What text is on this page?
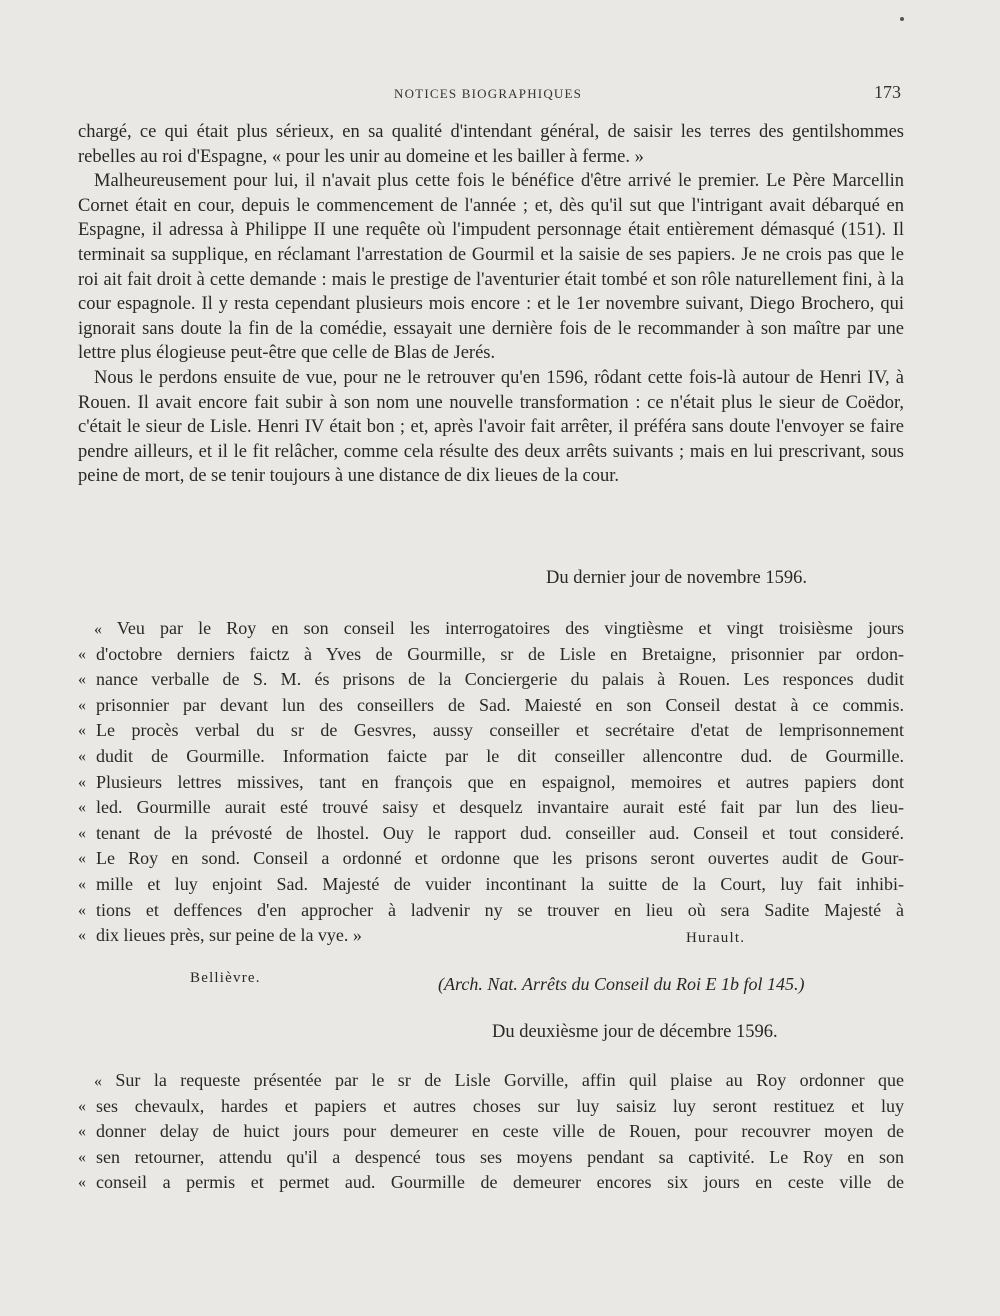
NOTICES BIOGRAPHIQUES	173

chargé, ce qui était plus sérieux, en sa qualité d'intendant général, de saisir les terres des gentilshommes rebelles au roi d'Espagne, « pour les unir au domeine et les bailler à ferme. »

Malheureusement pour lui, il n'avait plus cette fois le bénéfice d'être arrivé le premier. Le Père Marcellin Cornet était en cour, depuis le commencement de l'année ; et, dès qu'il sut que l'intrigant avait débarqué en Espagne, il adressa à Philippe II une requête où l'impudent personnage était entièrement démasqué (151). Il terminait sa supplique, en réclamant l'arrestation de Gourmil et la saisie de ses papiers. Je ne crois pas que le roi ait fait droit à cette demande : mais le prestige de l'aventurier était tombé et son rôle naturellement fini, à la cour espagnole. Il y resta cependant plusieurs mois encore : et le 1er novembre suivant, Diego Brochero, qui ignorait sans doute la fin de la comédie, essayait une dernière fois de le recommander à son maître par une lettre plus élogieuse peut-être que celle de Blas de Jerés.

Nous le perdons ensuite de vue, pour ne le retrouver qu'en 1596, rôdant cette fois-là autour de Henri IV, à Rouen. Il avait encore fait subir à son nom une nouvelle transformation : ce n'était plus le sieur de Coëdor, c'était le sieur de Lisle. Henri IV était bon ; et, après l'avoir fait arrêter, il préféra sans doute l'envoyer se faire pendre ailleurs, et il le fit relâcher, comme cela résulte des deux arrêts suivants ; mais en lui prescrivant, sous peine de mort, de se tenir toujours à une distance de dix lieues de la cour.

Du dernier jour de novembre 1596.
« Veu par le Roy en son conseil les interrogatoires des vingtièsme et vingt troisièsme jours
« d'octobre derniers faictz à Yves de Gourmille, sr de Lisle en Bretaigne, prisonnier par ordon-
« nance verballe de S. M. és prisons de la Conciergerie du palais à Rouen. Les responces dudit
« prisonnier par devant lun des conseillers de Sad. Maiesté en son Conseil destat à ce commis.
« Le procès verbal du sr de Gesvres, aussy conseiller et secrétaire d'etat de lemprisonnement
« dudit de Gourmille. Information faicte par le dit conseiller allencontre dud. de Gourmille.
« Plusieurs lettres missives, tant en françois que en espaignol, memoires et autres papiers dont
« led. Gourmille aurait esté trouvé saisy et desquelz invantaire aurait esté fait par lun des lieu-
« tenant de la prévosté de lhostel. Ouy le rapport dud. conseiller aud. Conseil et tout consideré.
« Le Roy en sond. Conseil a ordonné et ordonne que les prisons seront ouvertes audit de Gour-
« mille et luy enjoint Sad. Majesté de vuider incontinant la suitte de la Court, luy fait inhibi-
« tions et deffences d'en approcher à ladvenir ny se trouver en lieu où sera Sadite Majesté à
« dix lieues près, sur peine de la vye. »	Hurault.
Bellièvre.	(Arch. Nat. Arrêts du Conseil du Roi E 1b fol 145.)
Du deuxièsme jour de décembre 1596.
« Sur la requeste présentée par le sr de Lisle Gorville, affin quil plaise au Roy ordonner que
« ses chevaulx, hardes et papiers et autres choses sur luy saisiz luy seront restituez et luy
« donner delay de huict jours pour demeurer en ceste ville de Rouen, pour recouvrer moyen de
« sen retourner, attendu qu'il a despencé tous ses moyens pendant sa captivité. Le Roy en son
« conseil a permis et permet aud. Gourmille de demeurer encores six jours en ceste ville de
